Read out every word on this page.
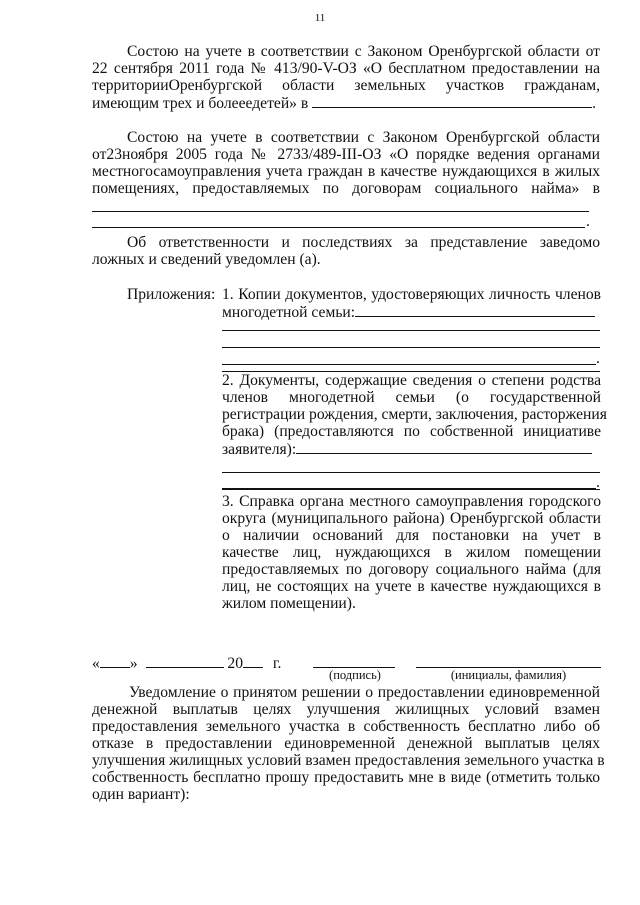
11
Состою на учете в соответствии с Законом Оренбургской области от
22 сентября 2011 года № 413/90-V-ОЗ «О бесплатном предоставлении на
территорииОренбургской области земельных участков гражданам,
имеющим трех и болееедетей» в	.
Состою на учете в соответствии с Законом Оренбургской области
от23ноября 2005 года № 2733/489-III-ОЗ «О порядке ведения органами
местногосамоуправления учета граждан в качестве нуждающихся в жилых
помещениях, предоставляемых по договорам социального найма» в
.
Об ответственности и последствиях за представление заведомо
ложных и сведений уведомлен (а).
Приложения: 1. Копии документов, удостоверяющих личность членов
многодетной семьи:
.
2. Документы, содержащие сведения о степени родства
членов многодетной семьи (о государственной
регистрации рождения, смерти, заключения, расторжения
брака) (предоставляются по собственной инициативе
заявителя):
.
3. Справка органа местного самоуправления городского
округа (муниципального района) Оренбургской области
о наличии оснований для постановки на учет в
качестве лиц, нуждающихся в жилом помещении
предоставляемых по договору социального найма (для
лиц, не состоящих на учете в качестве нуждающихся в
жилом помещении).
« »	20 г.
(подпись)	(инициалы, фамилия)
Уведомление о принятом решении о предоставлении единовременной
денежной выплатыв целях улучшения жилищных условий взамен
предоставления земельного участка в собственность бесплатно либо об
отказе в предоставлении единовременной денежной выплатыв целях
улучшения жилищных условий взамен предоставления земельного участка в
собственность бесплатно прошу предоставить мне в виде (отметить только
один вариант):
